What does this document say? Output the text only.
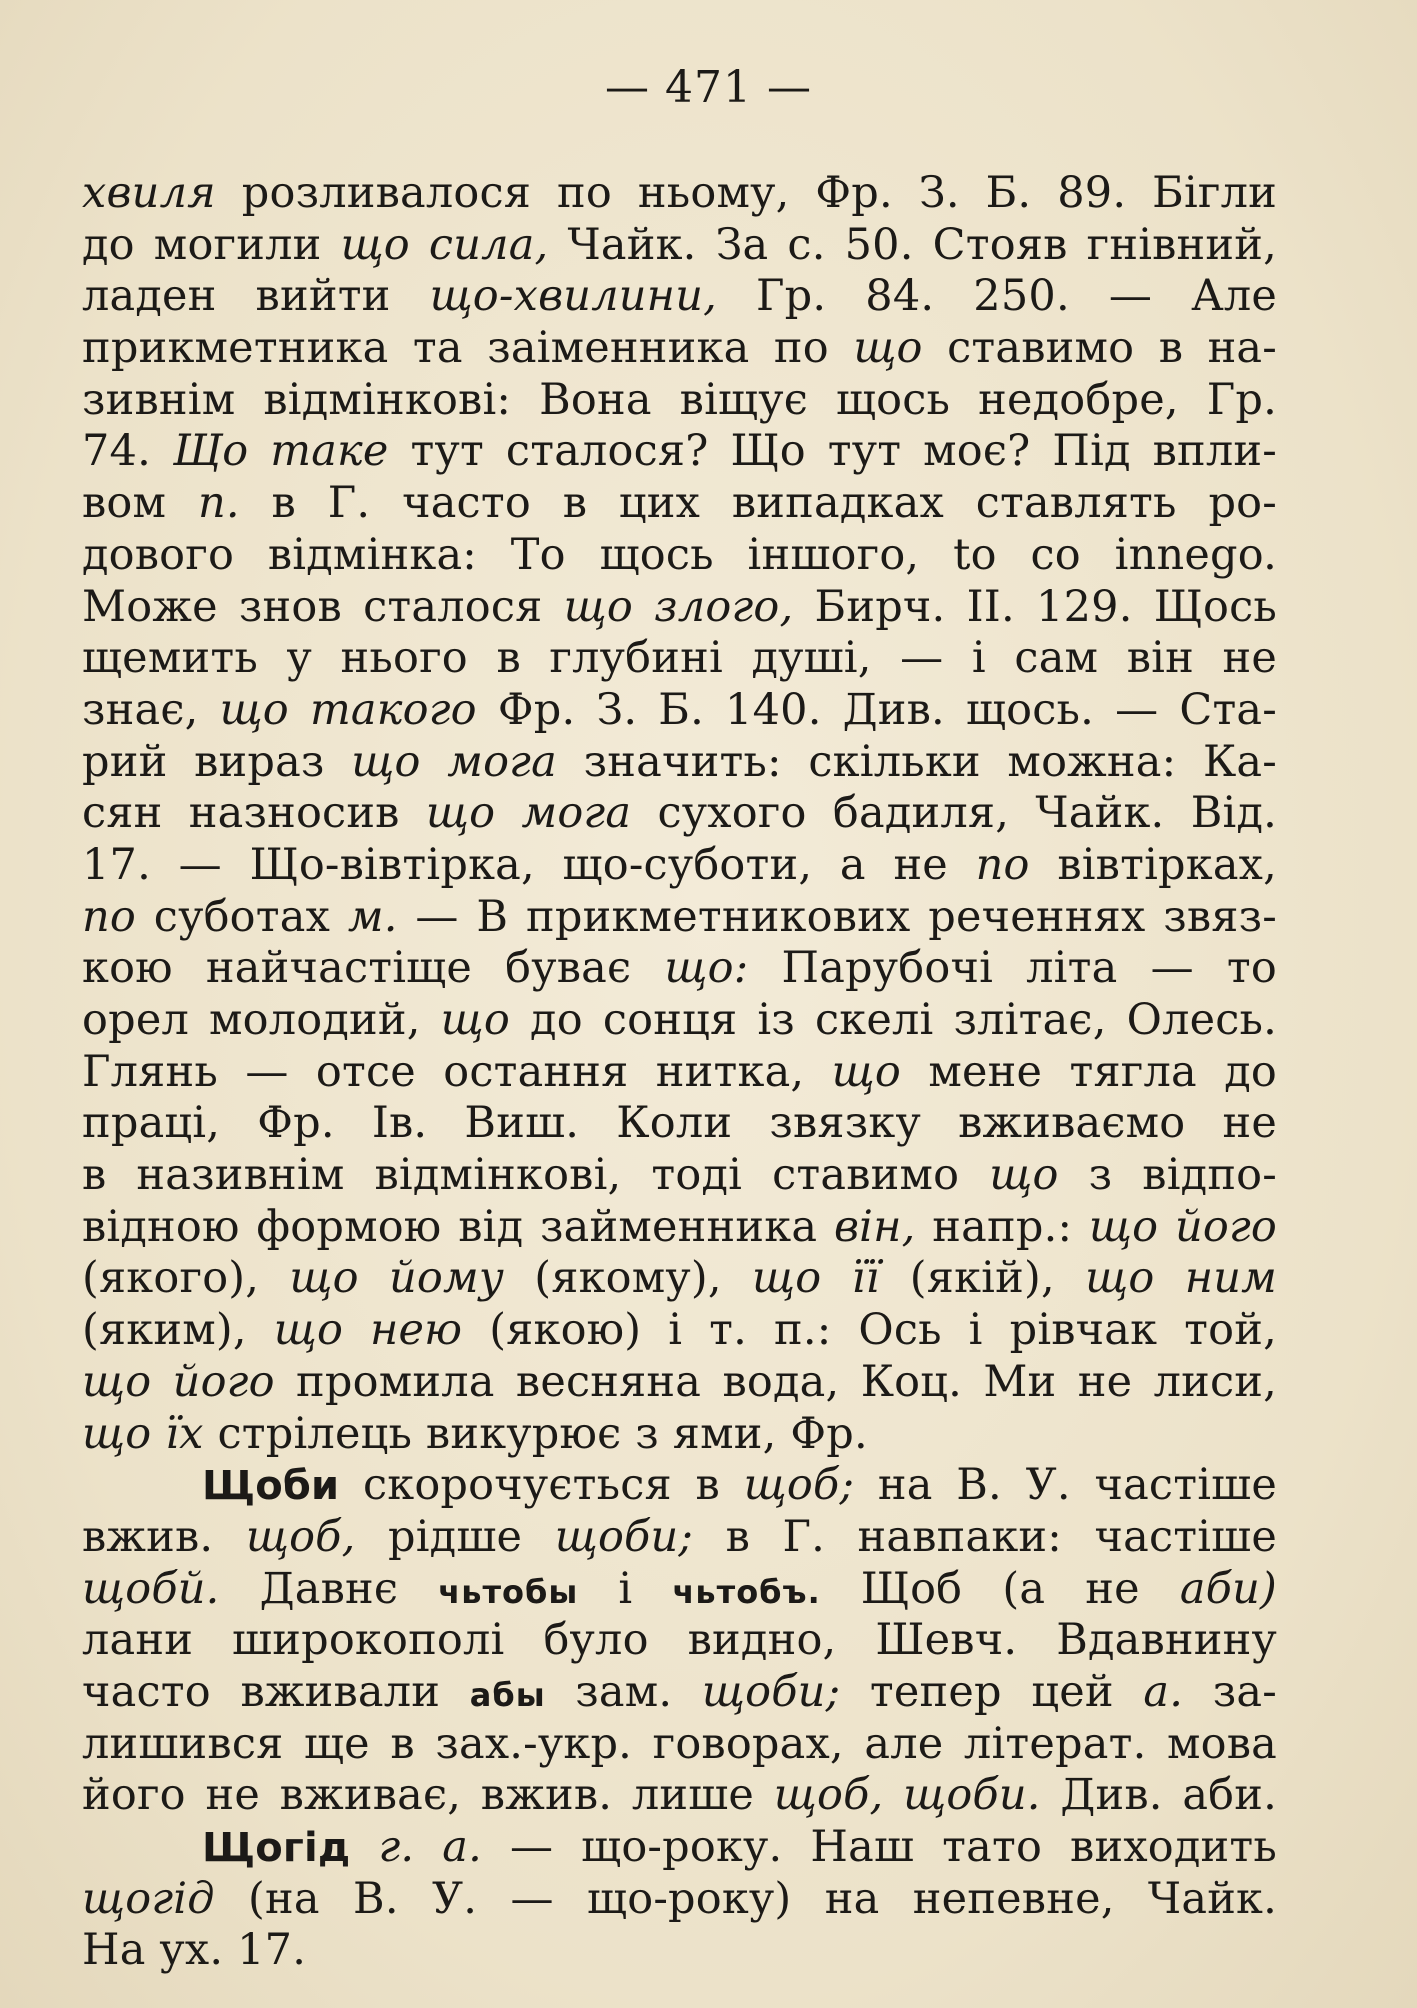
— 471 —
хвиля розливалося по ньому, Фр. З. Б. 89. Бігли
до могили що сила, Чайк. За с. 50. Стояв гнівний,
ладен вийти що-хвилини, Гр. 84. 250. — Але
прикметника та заіменника по що ставимо в на-
зивнім відмінкові: Вона віщує щось недобре, Гр.
74. Що таке тут сталося? Що тут моє? Під впли-
вом п. в Г. часто в цих випадках ставлять ро-
дового відмінка: То щось іншого, to co innego.
Може знов сталося що злого, Бирч. II. 129. Щось
щемить у нього в глубині душі, — і сам він не
знає, що такого Фр. З. Б. 140. Див. щось. — Ста-
рий вираз що мога значить: скільки можна: Ка-
сян назносив що мога сухого бадиля, Чайк. Від.
17. — Що-вівтірка, що-суботи, а не по вівтірках,
по суботах м. — В прикметникових реченнях звяз-
кою найчастіще буває що: Парубочі літа — то
орел молодий, що до сонця із скелі злітає, Олесь.
Глянь — отсе остання нитка, що мене тягла до
праці, Фр. Ів. Виш. Коли звязку вживаємо не
в називнім відмінкові, тоді ставимо що з відпо-
відною формою від займенника він, напр.: що його
(якого), що йому (якому), що її (якій), що ним
(яким), що нею (якою) і т. п.: Ось і рівчак той,
що його промила весняна вода, Коц. Ми не лиси,
що їх стрілець викурює з ями, Фр.
Щоби скорочується в щоб; на В. У. частіше
вжив. щоб, рідше щоби; в Г. навпаки: частіше
щобй. Давнє чьтобы і чьтобъ. Щоб (а не аби)
лани широкополі було видно, Шевч. Вдавнину
часто вживали абы зам. щоби; тепер цей а. за-
лишився ще в зах.-укр. говорах, але літерат. мова
його не вживає, вжив. лише щоб, щоби. Див. аби.
Щогід г. а. — що-року. Наш тато виходить
щогід (на В. У. — що-року) на непевне, Чайк.
На ух. 17.
